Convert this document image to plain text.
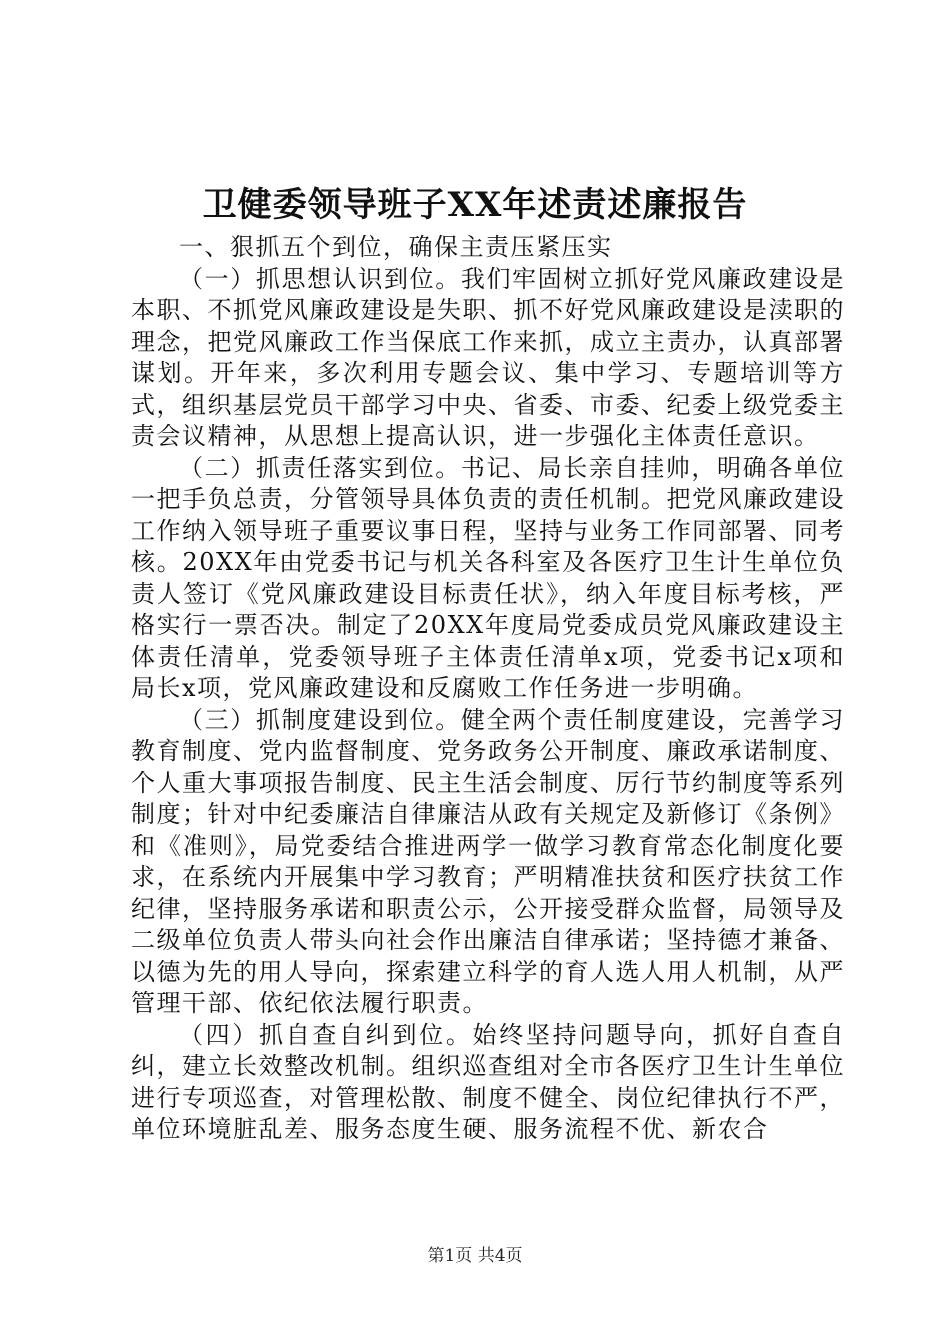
卫健委领导班子XX年述责述廉报告

一、狠抓五个到位，确保主责压紧压实

（一）抓思想认识到位。我们牢固树立抓好党风廉政建设是本职、不抓党风廉政建设是失职、抓不好党风廉政建设是渎职的理念，把党风廉政工作当保底工作来抓，成立主责办，认真部署谋划。开年来，多次利用专题会议、集中学习、专题培训等方式，组织基层党员干部学习中央、省委、市委、纪委上级党委主责会议精神，从思想上提高认识，进一步强化主体责任意识。

（二）抓责任落实到位。书记、局长亲自挂帅，明确各单位一把手负总责，分管领导具体负责的责任机制。把党风廉政建设工作纳入领导班子重要议事日程，坚持与业务工作同部署、同考核。20XX年由党委书记与机关各科室及各医疗卫生计生单位负责人签订《党风廉政建设目标责任状》，纳入年度目标考核，严格实行一票否决。制定了20XX年度局党委成员党风廉政建设主体责任清单，党委领导班子主体责任清单x项，党委书记x项和局长x项，党风廉政建设和反腐败工作任务进一步明确。

（三）抓制度建设到位。健全两个责任制度建设，完善学习教育制度、党内监督制度、党务政务公开制度、廉政承诺制度、个人重大事项报告制度、民主生活会制度、厉行节约制度等系列制度；针对中纪委廉洁自律廉洁从政有关规定及新修订《条例》和《准则》，局党委结合推进两学一做学习教育常态化制度化要求，在系统内开展集中学习教育；严明精准扶贫和医疗扶贫工作纪律，坚持服务承诺和职责公示，公开接受群众监督，局领导及二级单位负责人带头向社会作出廉洁自律承诺；坚持德才兼备、以德为先的用人导向，探索建立科学的育人选人用人机制，从严管理干部、依纪依法履行职责。

（四）抓自查自纠到位。始终坚持问题导向，抓好自查自纠，建立长效整改机制。组织巡查组对全市各医疗卫生计生单位进行专项巡查，对管理松散、制度不健全、岗位纪律执行不严，单位环境脏乱差、服务态度生硬、服务流程不优、新农合

第1页 共4页
